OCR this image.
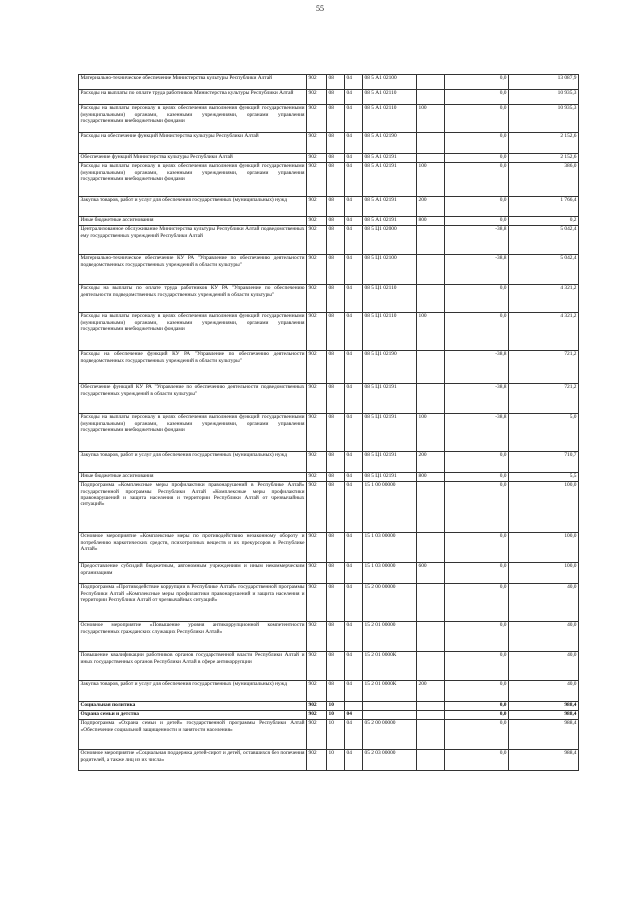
55
Материально-техническое обеспечение Министерства культуры Республики Алтай	902	08	04	08 5 А1 02100		0,0	13 087,9
Расходы на выплаты по оплате труда работников Министерства культуры Республики Алтай	902	08	04	08 5 А1 02110		0,0	10 935,3
Расходы на выплаты персоналу в целях обеспечения выполнения функций государственными (муниципальными) органами, казенными учреждениями, органами управления государственными внебюджетными фондами	902	08	04	08 5 А1 02110	100	0,0	10 935,3
Расходы на обеспечение функций Министерства культуры Республики Алтай	902	08	04	08 5 А1 02190		0,0	2 152,6
Обеспечение функций Министерства культуры Республики Алтай	902	08	04	08 5 А1 02191		0,0	2 152,6
Расходы на выплаты персоналу в целях обеспечения выполнения функций государственными (муниципальными) органами, казенными учреждениями, органами управления государственными внебюджетными фондами	902	08	04	08 5 А1 02191	100	0,0	386,0
Закупка товаров, работ и услуг для обеспечения государственных (муниципальных) нужд	902	08	04	08 5 А1 02191	200	0,0	1 766,4
Иные бюджетные ассигнования	902	08	04	08 5 А1 02191	800	0,0	0,2
Централизованное обслуживание Министерства культуры Республики Алтай подведомственных ему государственных учреждений Республики Алтай	902	08	04	08 5 Ц1 02000		-38,8	5 042,4
Материально-техническое обеспечение КУ РА "Управление по обеспечению деятельности подведомственных государственных учреждений в области культуры"	902	08	04	08 5 Ц1 02100		-38,8	5 042,4
Расходы на выплаты по оплате труда работников КУ РА "Управление по обеспечению деятельности подведомственных государственных учреждений в области культуры"	902	08	04	08 5 Ц1 02110		0,0	4 321,2
Расходы на выплаты персоналу в целях обеспечения выполнения функций государственными (муниципальными) органами, казенными учреждениями, органами управления государственными внебюджетными фондами	902	08	04	08 5 Ц1 02110	100	0,0	4 321,2
Расходы на обеспечение функций КУ РА "Управление по обеспечению деятельности подведомственных государственных учреждений в области культуры"	902	08	04	08 5 Ц1 02190		-38,8	721,2
Обеспечение функций КУ РА "Управление по обеспечению деятельности подведомственных государственных учреждений в области культуры"	902	08	04	08 5 Ц1 02191		-38,8	721,2
Расходы на выплаты персоналу в целях обеспечения выполнения функций государственными (муниципальными) органами, казенными учреждениями, органами управления государственными внебюджетными фондами	902	08	04	08 5 Ц1 02191	100	-38,8	5,0
Закупка товаров, работ и услуг для обеспечения государственных (муниципальных) нужд	902	08	04	08 5 Ц1 02191	200	0,0	710,7
Иные бюджетные ассигнования	902	08	04	08 5 Ц1 02191	800	0,0	5,5
Подпрограмма «Комплексные меры профилактики правонарушений в Республике Алтай» государственной программы Республики Алтай «Комплексные меры профилактики правонарушений и защита населения и территории Республики Алтай от чрезвычайных ситуаций»	902	08	04	15 1 00 00000		0,0	100,0
Основное мероприятие «Комплексные меры по противодействию незаконному обороту и потреблению наркотических средств, психотропных веществ и их прекурсоров в Республике Алтай»	902	08	04	15 1 03 00000		0,0	100,0
Предоставление субсидий бюджетным, автономным учреждениям и иным некоммерческим организациям	902	08	04	15 1 03 00000	600	0,0	100,0
Подпрограмма «Противодействие коррупции в Республике Алтай» государственной программы Республики Алтай «Комплексные меры профилактики правонарушений и защита населения и территории Республики Алтай от чрезвычайных ситуаций»	902	08	04	15 2 00 00000		0,0	40,0
Основное мероприятие «Повышение уровня антикоррупционной компетентности государственных гражданских служащих Республики Алтай»	902	08	04	15 2 01 00000		0,0	40,0
Повышение квалификации работников органов государственной власти Республики Алтай и иных государственных органов Республики Алтай в сфере антикоррупции	902	08	04	15 2 01 0000К		0,0	40,0
Закупка товаров, работ и услуг для обеспечения государственных (муниципальных) нужд	902	08	04	15 2 01 0000К	200	0,0	40,0
Социальная политика	902	10				0,0	988,4
Охрана семьи и детства	902	10	04			0,0	988,4
Подпрограмма «Охрана семьи и детей» государственной программы Республики Алтай «Обеспечение социальной защищенности и занятости населения»	902	10	04	05 2 00 00000		0,0	988,4
Основное мероприятие «Социальная поддержка детей-сирот и детей, оставшихся без попечения родителей, а также лиц из их числа»	902	10	04	05 2 03 00000		0,0	988,4
